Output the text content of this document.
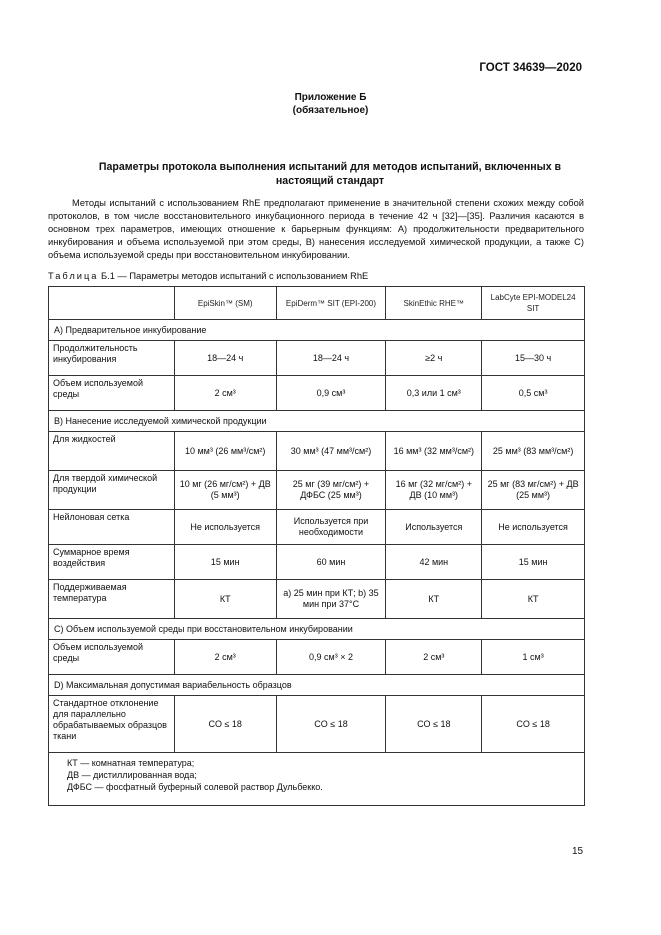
ГОСТ 34639—2020
Приложение Б
(обязательное)
Параметры протокола выполнения испытаний для методов испытаний, включенных в настоящий стандарт

Методы испытаний с использованием RhE предполагают применение в значительной степени схожих между собой протоколов, в том числе восстановительного инкубационного периода в течение 42 ч [32]—[35]. Различия касаются в основном трех параметров, имеющих отношение к барьерным функциям: А) продолжительности предварительного инкубирования и объема используемой при этом среды, В) нанесения исследуемой химической продукции, а также С) объема используемой среды при восстановительном инкубировании.

Таблица Б.1 — Параметры методов испытаний с использованием RhE
	EpiSkin™ (SM)	EpiDerm™ SIT (EPI-200)	SkinEthic RHE™	LabCyte EPI-MODEL24 SIT
А) Предварительное инкубирование				
Продолжительность инкубирования	18—24 ч	18—24 ч	≥2 ч	15—30 ч
Объем используемой среды	2 см³	0,9 см³	0,3 или 1 см³	0,5 см³
В) Нанесение исследуемой химической продукции				
Для жидкостей	10 мм³ (26 мм³/см²)	30 мм³ (47 мм³/см²)	16 мм³ (32 мм³/см²)	25 мм³ (83 мм³/см²)
Для твердой химической продукции	10 мг (26 мг/см²) + ДВ (5 мм³)	25 мг (39 мг/см²) + ДФБС (25 мм³)	16 мг (32 мг/см²) + ДВ (10 мм³)	25 мг (83 мг/см²) + ДВ (25 мм³)
Нейлоновая сетка	Не используется	Используется при необходимости	Используется	Не используется
Суммарное время воздействия	15 мин	60 мин	42 мин	15 мин
Поддерживаемая температура	КТ	а) 25 мин при КТ; b) 35 мин при 37°С	КТ	КТ
С) Объем используемой среды при восстановительном инкубировании				
Объем используемой среды	2 см³	0,9 см³ × 2	2 см³	1 см³
D) Максимальная допустимая вариабельность образцов				
Стандартное отклонение для параллельно обрабатываемых образцов ткани	CO ≤ 18	CO ≤ 18	CO ≤ 18	CO ≤ 18

КТ — комнатная температура;
ДВ — дистиллированная вода;
ДФБС — фосфатный буферный солевой раствор Дульбекко.				
15
